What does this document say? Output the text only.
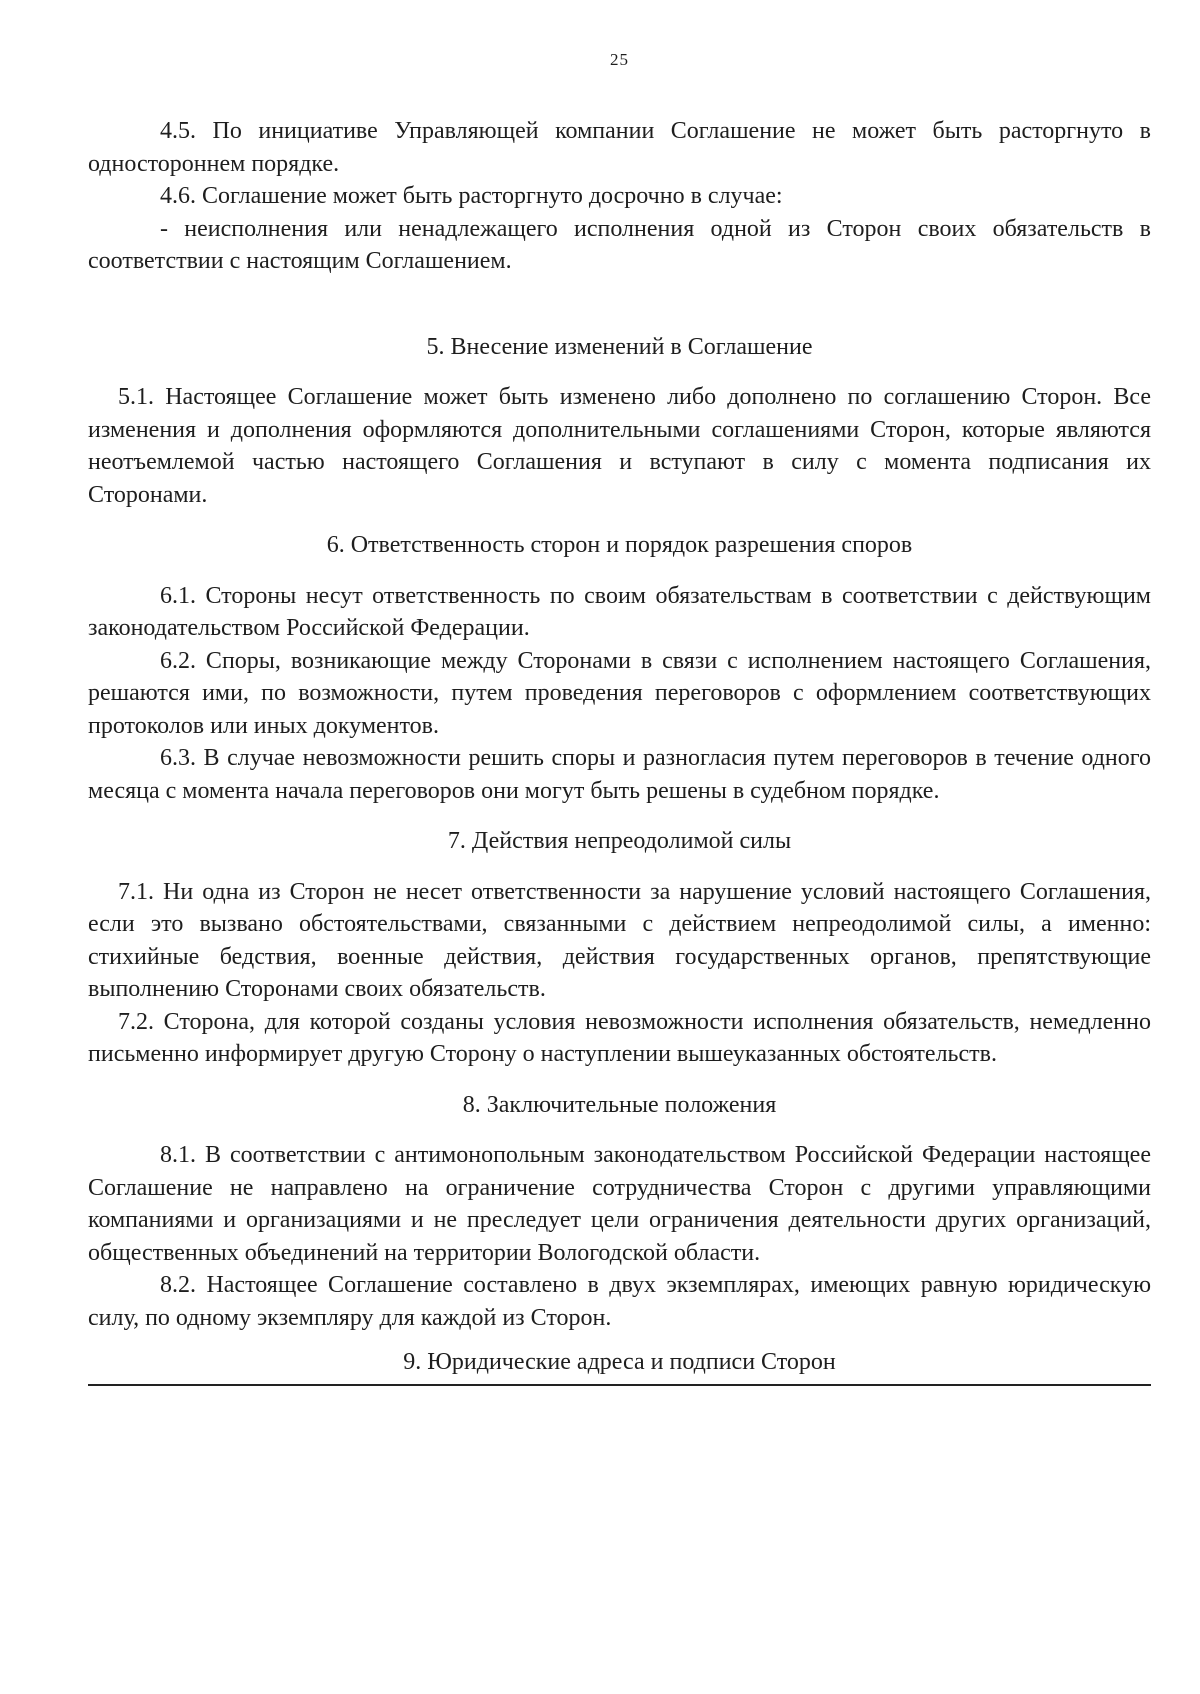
25

4.5. По инициативе Управляющей компании Соглашение не может быть расторгнуто в одностороннем порядке.

4.6. Соглашение может быть расторгнуто досрочно в случае:

- неисполнения или ненадлежащего исполнения одной из Сторон своих обязательств в соответствии с настоящим Соглашением.

5. Внесение изменений в Соглашение

5.1. Настоящее Соглашение может быть изменено либо дополнено по соглашению Сторон. Все изменения и дополнения оформляются дополнительными соглашениями Сторон, которые являются неотъемлемой частью настоящего Соглашения и вступают в силу с момента подписания их Сторонами.

6. Ответственность сторон и порядок разрешения споров

6.1. Стороны несут ответственность по своим обязательствам в соответствии с действующим законодательством Российской Федерации.

6.2. Споры, возникающие между Сторонами в связи с исполнением настоящего Соглашения, решаются ими, по возможности, путем проведения переговоров с оформлением соответствующих протоколов или иных документов.

6.3. В случае невозможности решить споры и разногласия путем переговоров в течение одного месяца с момента начала переговоров они могут быть решены в судебном порядке.

7. Действия непреодолимой силы

7.1. Ни одна из Сторон не несет ответственности за нарушение условий настоящего Соглашения, если это вызвано обстоятельствами, связанными с действием непреодолимой силы, а именно: стихийные бедствия, военные действия, действия государственных органов, препятствующие выполнению Сторонами своих обязательств.

7.2. Сторона, для которой созданы условия невозможности исполнения обязательств, немедленно письменно информирует другую Сторону о наступлении вышеуказанных обстоятельств.

8. Заключительные положения

8.1. В соответствии с антимонопольным законодательством Российской Федерации настоящее Соглашение не направлено на ограничение сотрудничества Сторон с другими управляющими компаниями и организациями и не преследует цели ограничения деятельности других организаций, общественных объединений на территории Вологодской области.

8.2. Настоящее Соглашение составлено в двух экземплярах, имеющих равную юридическую силу, по одному экземпляру для каждой из Сторон.

9. Юридические адреса и подписи Сторон
